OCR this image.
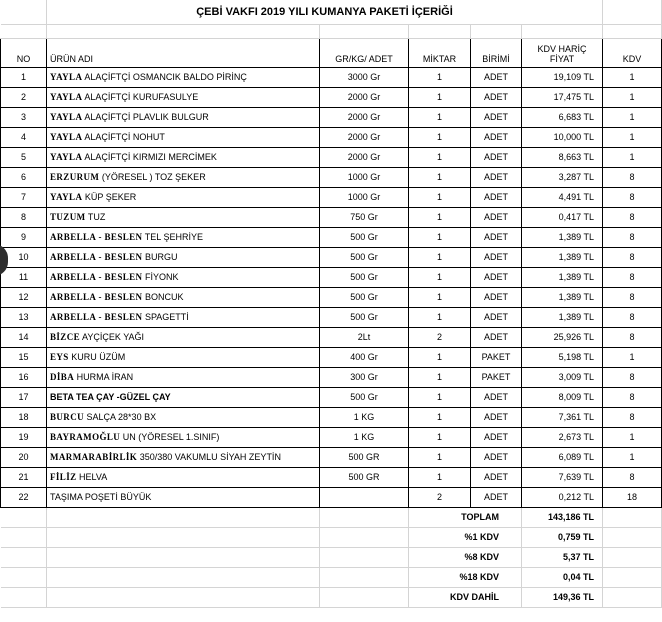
	ÇEBİ VAKFI 2019 YILI KUMANYA PAKETİ İÇERİĞİ					

NO	ÜRÜN ADI	GR/KG/ ADET	MİKTAR	BİRİMİ	KDV HARİÇ FİYAT	KDV
1	YAYLA ALAÇİFTÇİ OSMANCIK BALDO PİRİNÇ	3000 Gr	1	ADET	19,109 TL	1
2	YAYLA ALAÇİFTÇİ KURUFASULYE	2000 Gr	1	ADET	17,475 TL	1
3	YAYLA ALAÇİFTÇİ PLAVLIK BULGUR	2000 Gr	1	ADET	6,683 TL	1
4	YAYLA ALAÇİFTÇİ NOHUT	2000 Gr	1	ADET	10,000 TL	1
5	YAYLA ALAÇİFTÇİ KIRMIZI MERCİMEK	2000 Gr	1	ADET	8,663 TL	1
6	ERZURUM (YÖRESEL ) TOZ ŞEKER	1000 Gr	1	ADET	3,287 TL	8
7	YAYLA KÜP ŞEKER	1000 Gr	1	ADET	4,491 TL	8
8	TUZUM TUZ	750 Gr	1	ADET	0,417 TL	8
9	ARBELLA - BESLEN TEL ŞEHRİYE	500 Gr	1	ADET	1,389 TL	8
10	ARBELLA - BESLEN BURGU	500 Gr	1	ADET	1,389 TL	8
11	ARBELLA - BESLEN FİYONK	500 Gr	1	ADET	1,389 TL	8
12	ARBELLA - BESLEN BONCUK	500 Gr	1	ADET	1,389 TL	8
13	ARBELLA - BESLEN SPAGETTİ	500 Gr	1	ADET	1,389 TL	8
14	BİZCE AYÇİÇEK YAĞI	2Lt	2	ADET	25,926 TL	8
15	EYS KURU ÜZÜM	400 Gr	1	PAKET	5,198 TL	1
16	DİBA HURMA İRAN	300 Gr	1	PAKET	3,009 TL	8
17	BETA TEA ÇAY -GÜZEL ÇAY	500 Gr	1	ADET	8,009 TL	8
18	BURCU SALÇA 28*30 BX	1 KG	1	ADET	7,361 TL	8
19	BAYRAMOĞLU UN (YÖRESEL 1.SINIF)	1 KG	1	ADET	2,673 TL	1
20	MARMARABİRLİK 350/380 VAKUMLU SİYAH ZEYTİN	500 GR	1	ADET	6,089 TL	1
21	FİLİZ HELVA	500 GR	1	ADET	7,639 TL	8
22	TAŞIMA POŞETİ BÜYÜK		2	ADET	0,212 TL	18
			TOPLAM		143,186 TL	
			%1 KDV		0,759 TL	
			%8 KDV		5,37 TL	
			%18 KDV		0,04 TL	
			KDV DAHİL		149,36 TL	
